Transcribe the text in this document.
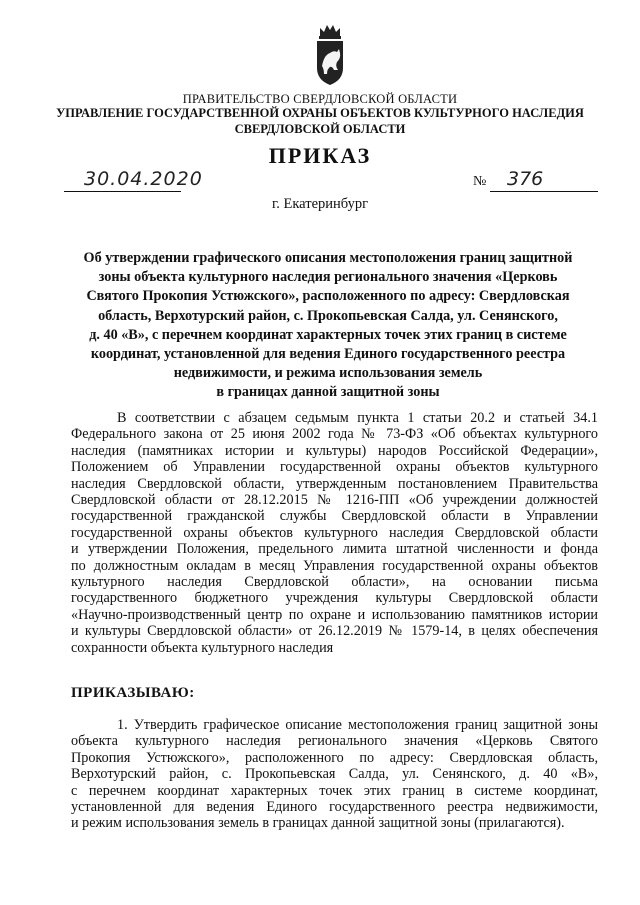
ПРАВИТЕЛЬСТВО СВЕРДЛОВСКОЙ ОБЛАСТИ
УПРАВЛЕНИЕ ГОСУДАРСТВЕННОЙ ОХРАНЫ ОБЪЕКТОВ КУЛЬТУРНОГО НАСЛЕДИЯ
СВЕРДЛОВСКОЙ ОБЛАСТИ
ПРИКАЗ
30.04.2020	№ 376
г. Екатеринбург
Об утверждении графического описания местоположения границ защитной
зоны объекта культурного наследия регионального значения «Церковь
Святого Прокопия Устюжского», расположенного по адресу: Свердловская
область, Верхотурский район, с. Прокопьевская Салда, ул. Сенянского,
д. 40 «В», с перечнем координат характерных точек этих границ в системе
координат, установленной для ведения Единого государственного реестра
недвижимости, и режима использования земель
в границах данной защитной зоны
В соответствии с абзацем седьмым пункта 1 статьи 20.2 и статьей 34.1
Федерального закона от 25 июня 2002 года № 73-ФЗ «Об объектах культурного
наследия (памятниках истории и культуры) народов Российской Федерации»,
Положением об Управлении государственной охраны объектов культурного
наследия Свердловской области, утвержденным постановлением Правительства
Свердловской области от 28.12.2015 № 1216-ПП «Об учреждении должностей
государственной гражданской службы Свердловской области в Управлении
государственной охраны объектов культурного наследия Свердловской области
и утверждении Положения, предельного лимита штатной численности и фонда
по должностным окладам в месяц Управления государственной охраны объектов
культурного наследия Свердловской области», на основании письма
государственного бюджетного учреждения культуры Свердловской области
«Научно-производственный центр по охране и использованию памятников истории
и культуры Свердловской области» от 26.12.2019 № 1579-14, в целях обеспечения
сохранности объекта культурного наследия
ПРИКАЗЫВАЮ:
1. Утвердить графическое описание местоположения границ защитной зоны
объекта культурного наследия регионального значения «Церковь Святого
Прокопия Устюжского», расположенного по адресу: Свердловская область,
Верхотурский район, с. Прокопьевская Салда, ул. Сенянского, д. 40 «В»,
с перечнем координат характерных точек этих границ в системе координат,
установленной для ведения Единого государственного реестра недвижимости,
и режим использования земель в границах данной защитной зоны (прилагаются).
